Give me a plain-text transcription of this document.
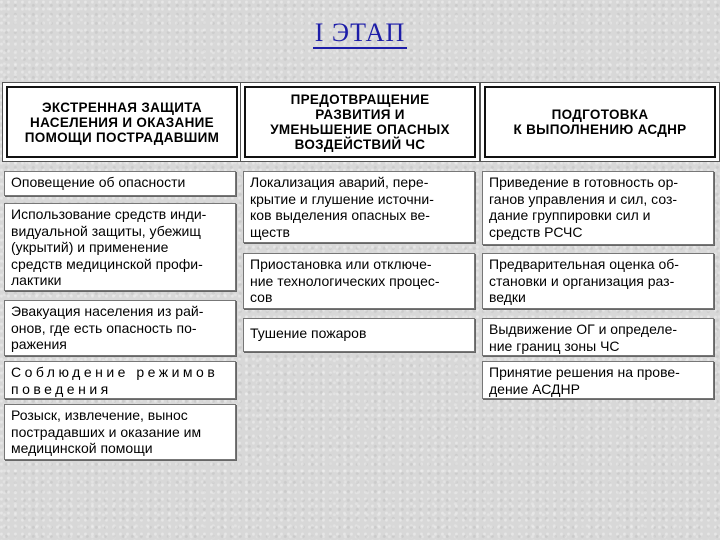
I ЭТАП
ЭКСТРЕННАЯ ЗАЩИТА
НАСЕЛЕНИЯ И ОКАЗАНИЕ
ПОМОЩИ ПОСТРАДАВШИМ
ПРЕДОТВРАЩЕНИЕ
РАЗВИТИЯ И
УМЕНЬШЕНИЕ ОПАСНЫХ
ВОЗДЕЙСТВИЙ ЧС
ПОДГОТОВКА
К ВЫПОЛНЕНИЮ АСДНР
Оповещение об опасности
Использование средств инди-
видуальной защиты, убежищ
(укрытий) и применение
средств медицинской профи-
лактики
Эвакуация населения из рай-
онов, где есть опасность по-
ражения
Соблюдение режимов
поведения
Розыск, извлечение, вынос
пострадавших и оказание им
медицинской помощи
Локализация аварий, пере-
крытие и глушение источни-
ков выделения опасных ве-
ществ
Приостановка или отключе-
ние технологических процес-
сов
Тушение пожаров
Приведение в готовность ор-
ганов управления и сил, соз-
дание группировки сил и
средств РСЧС
Предварительная оценка об-
становки и организация раз-
ведки
Выдвижение ОГ и определе-
ние границ зоны ЧС
Принятие решения на прове-
дение АСДНР
